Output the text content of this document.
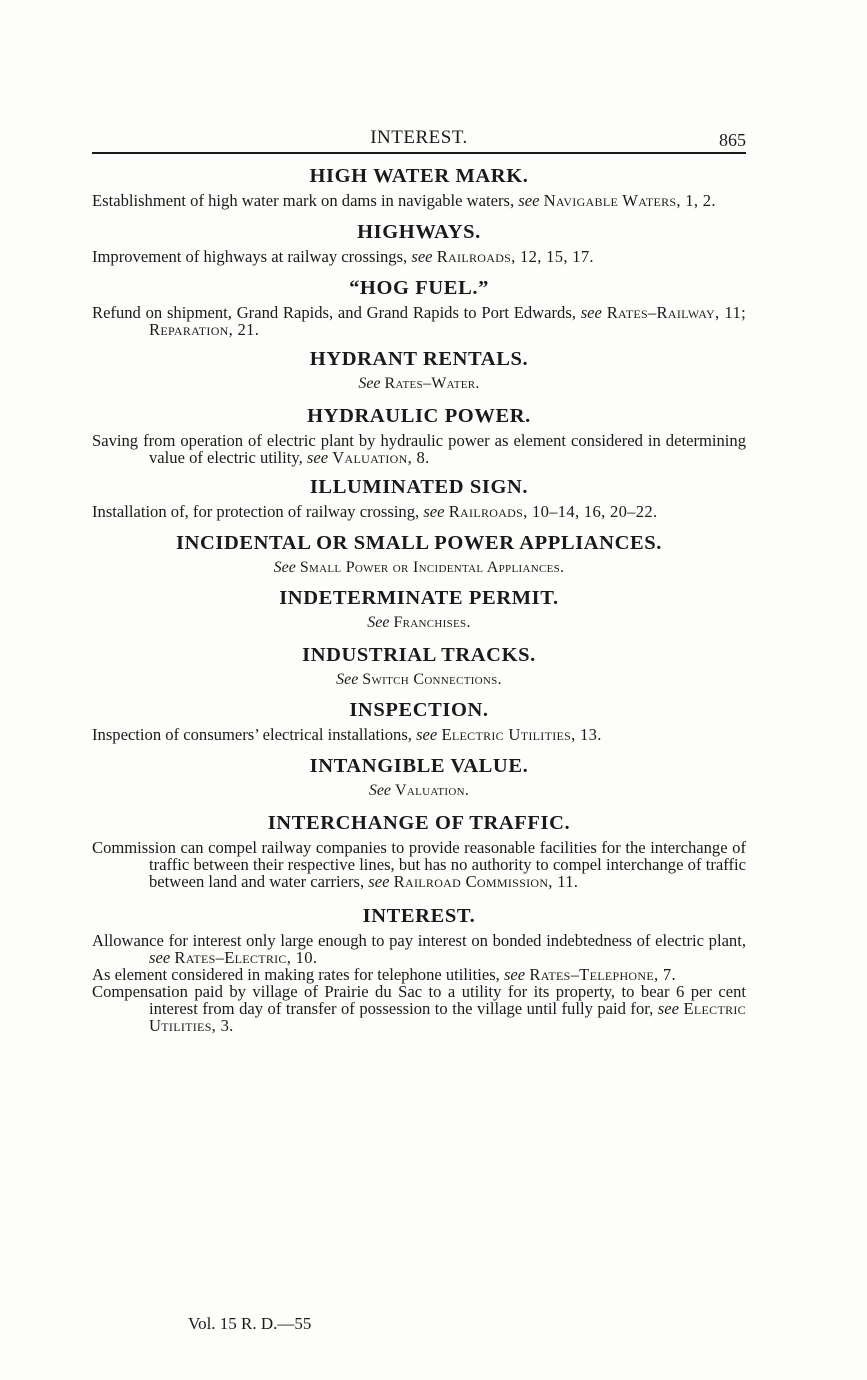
INTEREST.	865
HIGH WATER MARK.

Establishment of high water mark on dams in navigable waters, see Navigable Waters, 1, 2.

HIGHWAYS.

Improvement of highways at railway crossings, see Railroads, 12, 15, 17.

“HOG FUEL.”

Refund on shipment, Grand Rapids, and Grand Rapids to Port Edwards, see Rates–Railway, 11; Reparation, 21.

HYDRANT RENTALS.

See Rates–Water.

HYDRAULIC POWER.

Saving from operation of electric plant by hydraulic power as element considered in determining value of electric utility, see Valuation, 8.

ILLUMINATED SIGN.

Installation of, for protection of railway crossing, see Railroads, 10–14, 16, 20–22.

INCIDENTAL OR SMALL POWER APPLIANCES.

See Small Power or Incidental Appliances.

INDETERMINATE PERMIT.

See Franchises.

INDUSTRIAL TRACKS.

See Switch Connections.

INSPECTION.

Inspection of consumers’ electrical installations, see Electric Utilities, 13.

INTANGIBLE VALUE.

See Valuation.

INTERCHANGE OF TRAFFIC.

Commission can compel railway companies to provide reasonable facilities for the interchange of traffic between their respective lines, but has no authority to compel interchange of traffic between land and water carriers, see Railroad Commission, 11.

INTEREST.

Allowance for interest only large enough to pay interest on bonded indebtedness of electric plant, see Rates–Electric, 10.

As element considered in making rates for telephone utilities, see Rates–Telephone, 7.

Compensation paid by village of Prairie du Sac to a utility for its property, to bear 6 per cent interest from day of transfer of possession to the village until fully paid for, see Electric Utilities, 3.

Vol. 15 R. D.—55
